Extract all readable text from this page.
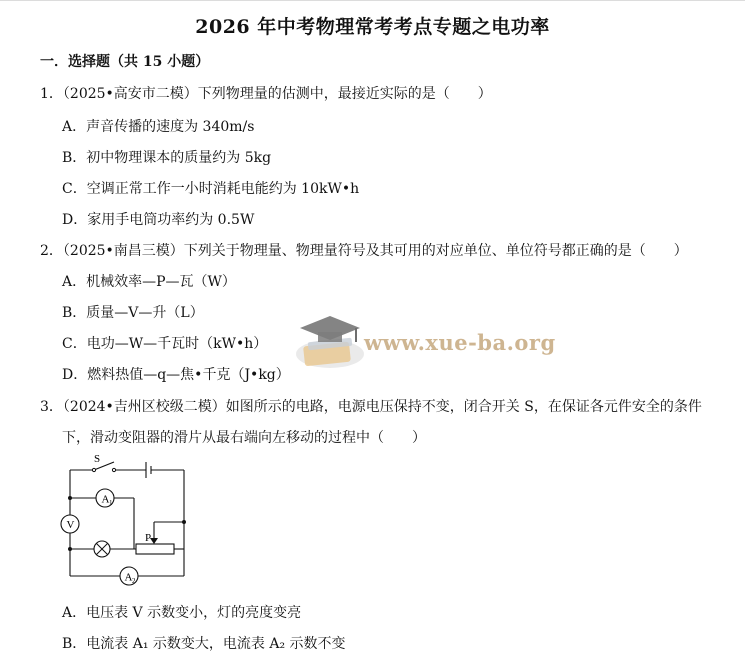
2026 年中考物理常考考点专题之电功率
一．选择题（共 15 小题）
1．（2025•高安市二模）下列物理量的估测中，最接近实际的是（　　）
A．声音传播的速度为 340m/s
B．初中物理课本的质量约为 5kg
C．空调正常工作一小时消耗电能约为 10kW•h
D．家用手电筒功率约为 0.5W
2．（2025•南昌三模）下列关于物理量、物理量符号及其可用的对应单位、单位符号都正确的是（　　）
A．机械效率—P—瓦（W）
B．质量—V—升（L）
C．电功—W—千瓦时（kW•h）
D．燃料热值—q—焦•千克（J•kg）
3．（2024•吉州区校级二模）如图所示的电路，电源电压保持不变，闭合开关 S，在保证各元件安全的条件
下，滑动变阻器的滑片从最右端向左移动的过程中（　　）
A 1
V
A 2
S
P
A．电压表 V 示数变小，灯的亮度变亮
B．电流表 A₁ 示数变大，电流表 A₂ 示数不变
www.xue-ba.org
